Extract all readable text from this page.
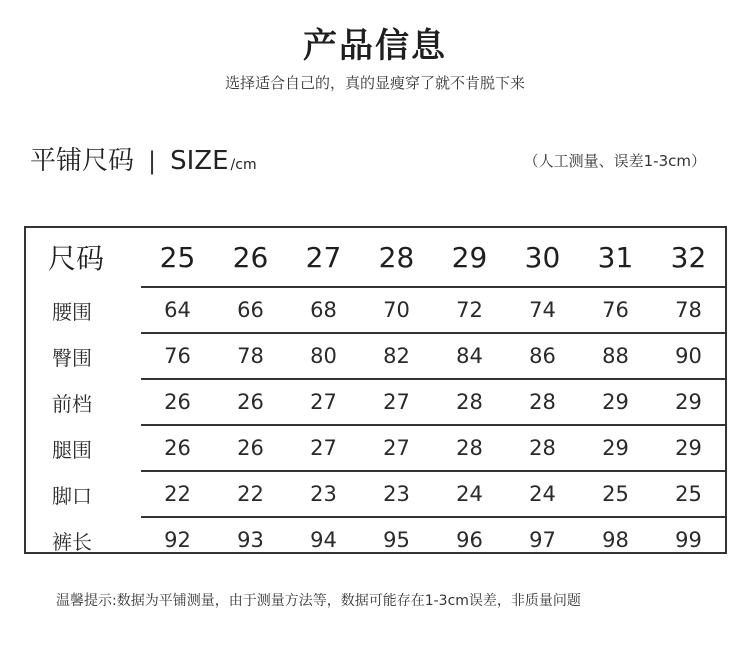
产品信息
选择适合自己的，真的显瘦穿了就不肯脱下来
平铺尺码 | SIZE /cm	（人工测量、误差1-3cm）
尺码	25	26	27	28	29	30	31	32
腰围	64	66	68	70	72	74	76	78
臀围	76	78	80	82	84	86	88	90
前档	26	26	27	27	28	28	29	29
腿围	26	26	27	27	28	28	29	29
脚口	22	22	23	23	24	24	25	25
裤长	92	93	94	95	96	97	98	99
温馨提示:数据为平铺测量，由于测量方法等，数据可能存在1-3cm误差，非质量问题
